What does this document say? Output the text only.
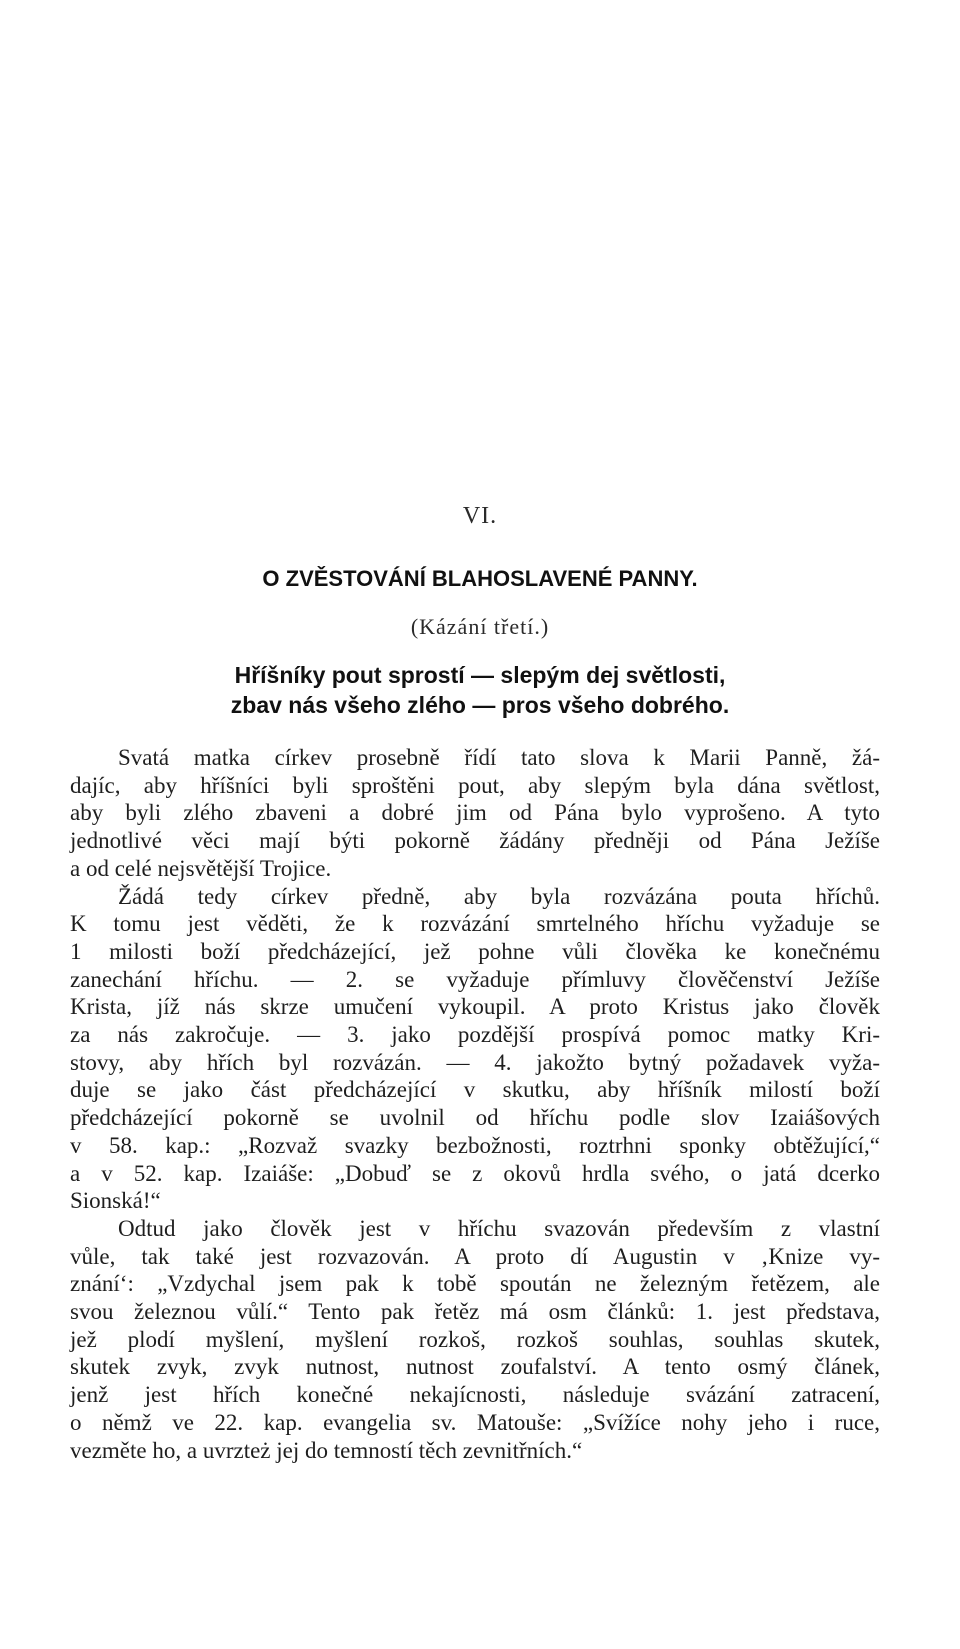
VI.
O ZVĚSTOVÁNÍ BLAHOSLAVENÉ PANNY.
(Kázání třetí.)
Hříšníky pout sprostí — slepým dej světlosti,
zbav nás všeho zlého — pros všeho dobrého.
Svatá matka církev prosebně řídí tato slova k Marii Panně, žá-
dajíc, aby hříšníci byli sproštěni pout, aby slepým byla dána světlost,
aby byli zlého zbaveni a dobré jim od Pána bylo vyprošeno. A tyto
jednotlivé věci mají býti pokorně žádány předněji od Pána Ježíše
a od celé nejsvětější Trojice.
Žádá tedy církev předně, aby byla rozvázána pouta hříchů.
K tomu jest věděti, že k rozvázání smrtelného hříchu vyžaduje se
1 milosti boží předcházející, jež pohne vůli člověka ke konečnému
zanechání hříchu. — 2. se vyžaduje přímluvy člověčenství Ježíše
Krista, jíž nás skrze umučení vykoupil. A proto Kristus jako člověk
za nás zakročuje. — 3. jako pozdější prospívá pomoc matky Kri-
stovy, aby hřích byl rozvázán. — 4. jakožto bytný požadavek vyža-
duje se jako část předcházející v skutku, aby hříšník milostí boží
předcházející pokorně se uvolnil od hříchu podle slov Izaiášových
v 58. kap.: „Rozvaž svazky bezbožnosti, roztrhni sponky obtěžující,“
a v 52. kap. Izaiáše: „Dobuď se z okovů hrdla svého, o jatá dcerko
Sionská!“
Odtud jako člověk jest v hříchu svazován především z vlastní
vůle, tak také jest rozvazován. A proto dí Augustin v ‚Knize vy-
znání‘: „Vzdychal jsem pak k tobě spoután ne železným řetězem, ale
svou železnou vůlí.“ Tento pak řetěz má osm článků: 1. jest představa,
jež plodí myšlení, myšlení rozkoš, rozkoš souhlas, souhlas skutek,
skutek zvyk, zvyk nutnost, nutnost zoufalství. A tento osmý článek,
jenž jest hřích konečné nekajícnosti, následuje svázání zatracení,
o němž ve 22. kap. evangelia sv. Matouše: „Svížíce nohy jeho i ruce,
vezměte ho, a uvrzteż jej do temností těch zevnitřních.“
